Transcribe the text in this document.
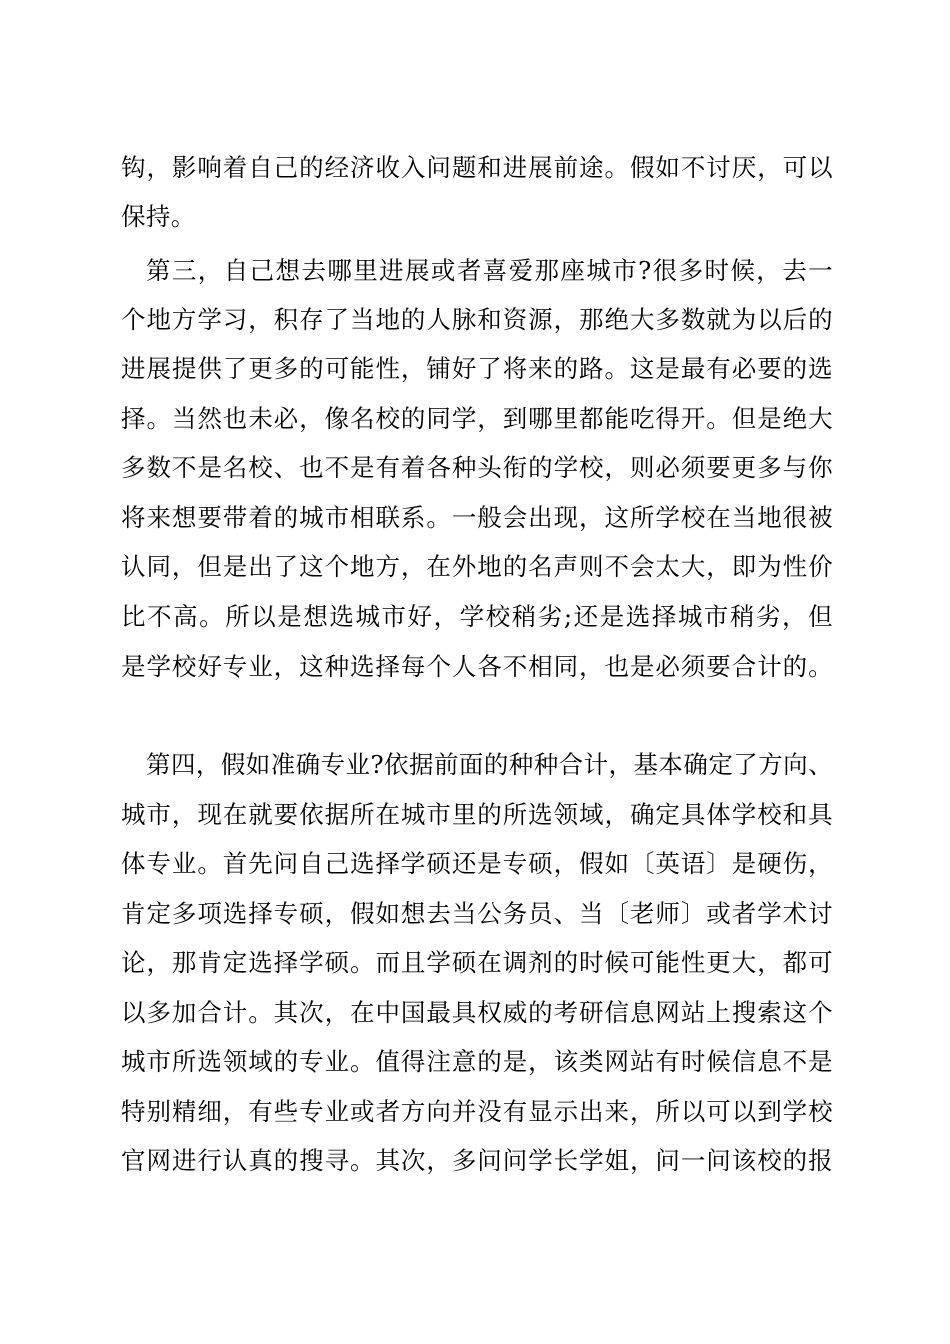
钩，影响着自己的经济收入问题和进展前途。假如不讨厌，可以
保持。
第三，自己想去哪里进展或者喜爱那座城市?很多时候，去一
个地方学习，积存了当地的人脉和资源，那绝大多数就为以后的
进展提供了更多的可能性，铺好了将来的路。这是最有必要的选
择。当然也未必，像名校的同学，到哪里都能吃得开。但是绝大
多数不是名校、也不是有着各种头衔的学校，则必须要更多与你
将来想要带着的城市相联系。一般会出现，这所学校在当地很被
认同，但是出了这个地方，在外地的名声则不会太大，即为性价
比不高。所以是想选城市好，学校稍劣;还是选择城市稍劣，但
是学校好专业，这种选择每个人各不相同，也是必须要合计的。
第四，假如准确专业?依据前面的种种合计，基本确定了方向、
城市，现在就要依据所在城市里的所选领域，确定具体学校和具
体专业。首先问自己选择学硕还是专硕，假如〔英语〕是硬伤，
肯定多项选择专硕，假如想去当公务员、当〔老师〕或者学术讨
论，那肯定选择学硕。而且学硕在调剂的时候可能性更大，都可
以多加合计。其次，在中国最具权威的考研信息网站上搜索这个
城市所选领域的专业。值得注意的是，该类网站有时候信息不是
特别精细，有些专业或者方向并没有显示出来，所以可以到学校
官网进行认真的搜寻。其次，多问问学长学姐，问一问该校的报
